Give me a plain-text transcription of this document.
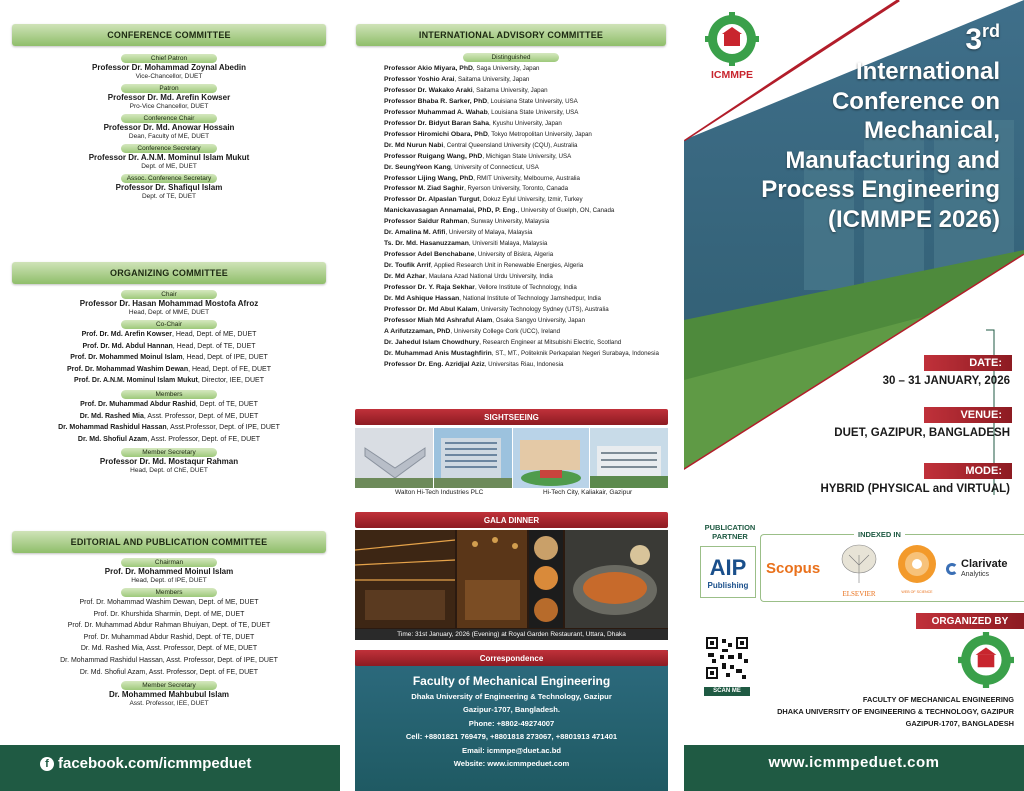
CONFERENCE COMMITTEE
Chief Patron
Professor Dr. Mohammad Zoynal Abedin
Vice-Chancellor, DUET
Patron
Professor Dr. Md. Arefin Kowser
Pro-Vice Chancellor, DUET
Conference Chair
Professor Dr. Md. Anowar Hossain
Dean, Faculty of ME, DUET
Conference Secretary
Professor Dr. A.N.M. Mominul Islam Mukut
Dept. of ME, DUET
Assoc. Conference Secretary
Professor Dr. Shafiqul Islam
Dept. of TE, DUET
ORGANIZING COMMITTEE
Chair
Professor Dr. Hasan Mohammad Mostofa Afroz
Head, Dept. of MME, DUET
Co-Chair
Prof. Dr. Md. Arefin Kowser, Head, Dept. of ME, DUET
Prof. Dr. Md. Abdul Hannan, Head, Dept. of TE, DUET
Prof. Dr. Mohammed Moinul Islam, Head, Dept. of IPE, DUET
Prof. Dr. Mohammad Washim Dewan, Head, Dept. of FE, DUET
Prof. Dr. A.N.M. Mominul Islam Mukut, Director, IEE, DUET
Members
Prof. Dr. Muhammad Abdur Rashid, Dept. of TE, DUET
Dr. Md. Rashed Mia, Asst. Professor, Dept. of ME, DUET
Dr. Mohammad Rashidul Hassan, Asst.Professor, Dept. of IPE, DUET
Dr. Md. Shofiul Azam, Asst. Professor, Dept. of FE, DUET
Member Secretary
Professor Dr. Md. Mostaqur Rahman
Head, Dept. of ChE, DUET
EDITORIAL AND PUBLICATION COMMITTEE
Chairman
Prof. Dr. Mohammed Moinul Islam
Head, Dept. of IPE, DUET
Members
Prof. Dr. Mohammad Washim Dewan, Dept. of ME, DUET
Prof. Dr. Khurshida Sharmin, Dept. of ME, DUET
Prof. Dr. Muhammad Abdur Rahman Bhuiyan, Dept. of TE, DUET
Prof. Dr. Muhammad Abdur Rashid, Dept. of TE, DUET
Dr. Md. Rashed Mia, Asst. Professor, Dept. of ME, DUET
Dr. Mohammad Rashidul Hassan, Asst. Professor, Dept. of IPE, DUET
Dr. Md. Shofiul Azam, Asst. Professor, Dept. of FE, DUET
Member Secretary
Dr. Mohammed Mahbubul Islam
Asst. Professor, IEE, DUET
f facebook.com/icmmpeduet
INTERNATIONAL ADVISORY COMMITTEE
Distinguished
Professor Akio Miyara, PhD, Saga University, Japan
Professor Yoshio Arai, Saitama University, Japan
Professor Dr. Wakako Araki, Saitama University, Japan
Professor Bhaba R. Sarker, PhD, Louisiana State University, USA
Professor Muhammad A. Wahab, Louisiana State University, USA
Professor Dr. Bidyut Baran Saha, Kyushu University, Japan
Professor Hiromichi Obara, PhD, Tokyo Metropolitan University, Japan
Dr. Md Nurun Nabi, Central Queensland University (CQU), Australia
Professor Ruigang Wang, PhD, Michigan State University, USA
Dr. SeungYeon Kang, University of Connecticut, USA
Professor Lijing Wang, PhD, RMIT University, Melbourne, Australia
Professor M. Ziad Saghir, Ryerson University, Toronto, Canada
Professor Dr. Alpaslan Turgut, Dokuz Eylul University, Izmir, Turkey
Manickavasagan Annamalai, PhD, P. Eng., University of Guelph, ON, Canada
Professor Saidur Rahman, Sunway University, Malaysia
Dr. Amalina M. Afifi, University of Malaya, Malaysia
Ts. Dr. Md. Hasanuzzaman, Universiti Malaya, Malaysia
Professor Adel Benchabane, University of Biskra, Algeria
Dr. Toufik Arrif, Applied Research Unit in Renewable Energies, Algeria
Dr. Md Azhar, Maulana Azad National Urdu University, India
Professor Dr. Y. Raja Sekhar, Vellore Institute of Technology, India
Dr. Md Ashique Hassan, National Institute of Technology Jamshedpur, India
Professor Dr. Md Abul Kalam, University Technology Sydney (UTS), Australia
Professor Miah Md Ashraful Alam, Osaka Sangyo University, Japan
A Arifutzzaman, PhD, University College Cork (UCC), Ireland
Dr. Jahedul Islam Chowdhury, Research Engineer at Mitsubishi Electric, Scotland
Dr. Muhammad Anis Mustaghfirin, ST., MT., Politeknik Perkapalan Negeri Surabaya, Indonesia
Professor Dr. Eng. Azridjal Aziz, Universitas Riau, Indonesia
SIGHTSEEING
Walton Hi-Tech Industries PLC	Hi-Tech City, Kaliakair, Gazipur
GALA DINNER
Time: 31st January, 2026 (Evening) at Royal Garden Restaurant, Uttara, Dhaka
Correspondence
Faculty of Mechanical Engineering
Dhaka University of Engineering & Technology, Gazipur
Gazipur-1707, Bangladesh.
Phone: +8802-49274007
Cell: +8801821 769479, +8801818 273067, +8801913 471401
Email: icmmpe@duet.ac.bd
Website: www.icmmpeduet.com
ICMMPE
3rd
International
Conference on
Mechanical,
Manufacturing and
Process Engineering
(ICMMPE 2026)
DATE:
30 – 31 JANUARY, 2026
VENUE:
DUET, GAZIPUR, BANGLADESH
MODE:
HYBRID (PHYSICAL and VIRTUAL)
PUBLICATION PARTNER	INDEXED IN
AIP
Publishing
Scopus
ELSEVIER	WEB OF SCIENCE
Clarivate
Analytics
ORGANIZED BY
SCAN ME
FACULTY OF MECHANICAL ENGINEERING
DHAKA UNIVERSITY OF ENGINEERING & TECHNOLOGY, GAZIPUR
GAZIPUR-1707, BANGLADESH
www.icmmpeduet.com
